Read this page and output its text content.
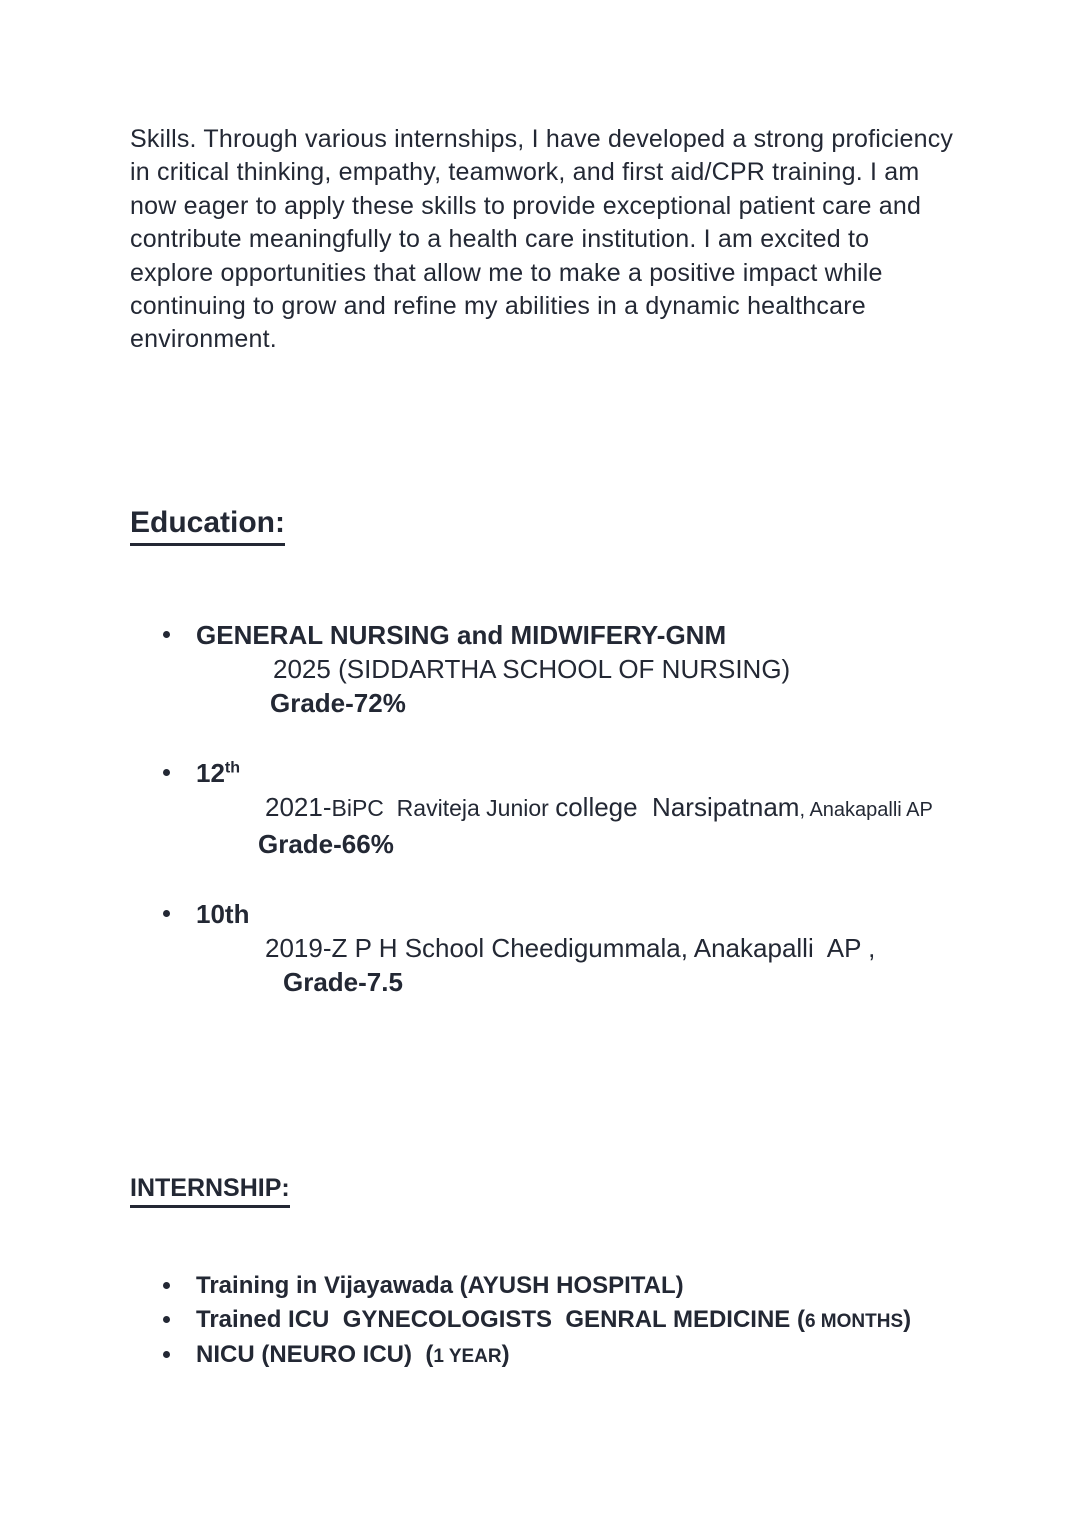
Skills. Through various internships, I have developed a strong proficiency
in critical thinking, empathy, teamwork, and first aid/CPR training. I am
now eager to apply these skills to provide exceptional patient care and
contribute meaningfully to a health care institution. I am excited to
explore opportunities that allow me to make a positive impact while
continuing to grow and refine my abilities in a dynamic healthcare
environment.
Education:
GENERAL NURSING and MIDWIFERY-GNM
2025 (SIDDARTHA SCHOOL OF NURSING)
Grade-72%
12th
2021-BiPC  Raviteja Junior college  Narsipatnam, Anakapalli AP
Grade-66%
10th
2019-Z P H School Cheedigummala, Anakapalli  AP ,
Grade-7.5
INTERNSHIP:
Training in Vijayawada (AYUSH HOSPITAL)
Trained ICU  GYNECOLOGISTS  GENRAL MEDICINE (6 MONTHS)
NICU (NEURO ICU)  (1 YEAR)
